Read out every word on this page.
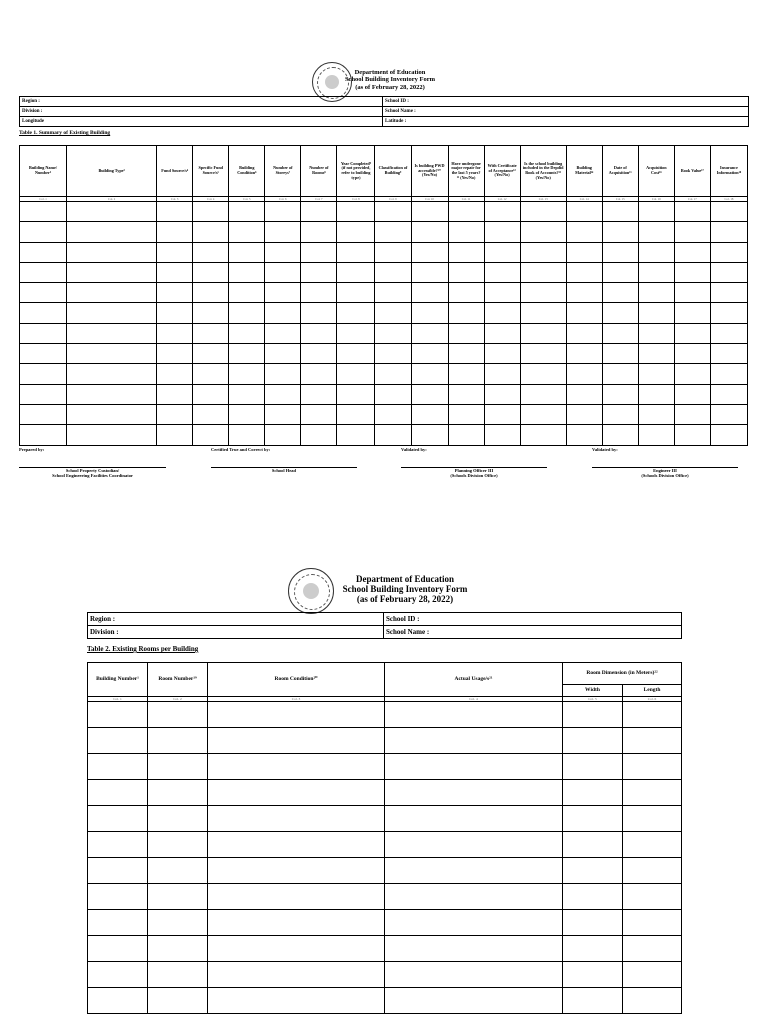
Department of Education
School Building Inventory Form
(as of February 28, 2022)
Region :	School ID :
Division :	School Name :
Longitude	Latitude :
Table 1. Summary of Existing Building
Building Name/ Number²	Building Type³	Fund Source/s⁴	Specific Fund Source/s⁵	Building Condition⁶	Number of Storeys⁷	Number of Rooms⁸	Year Completed⁹ (if not provided, refer to building type)	Classification of Building⁹	Is building PWD accessible?¹⁰ (Yes/No)	Have undergone major repair for the last 5 years?¹¹ (Yes/No)	With Certificate of Acceptance¹² (Yes/No)	Is the school building included in the Depdid Book of Accounts?¹³ (Yes/No)	Building Material¹⁴	Date of Acquisition¹⁵	Acquisition Cost¹⁶	Book Value¹⁷	Insurance Information¹⁸
Col. 1	Col. 2	Col. 3	Col. 4	Col. 5	Col. 6	Col. 7	Col. 8	Col. 9	Col. 10	Col. 11	Col. 12	Col. 13	Col. 14	Col. 15	Col. 16	Col. 17	Col. 18

Prepared by:
School Property Custodian/
School Engineering Facilities Coordinator
Certified True and Correct by:
School Head
Validated by:
Planning Officer III
(Schools Division Office)
Validated by:
Engineer III
(Schools Division Office)
Department of Education
School Building Inventory Form
(as of February 28, 2022)
Region :	School ID :
Division :	School Name :
Table 2. Existing Rooms per Building
Building Number¹	Room Number¹⁹	Room Condition²⁰	Actual Usage/s²¹	Room Dimension (in Meters)²²	
				Width	Length
Col. 1	Col. 2	Col. 3	Col. 4	Col. 5	Col. 6
